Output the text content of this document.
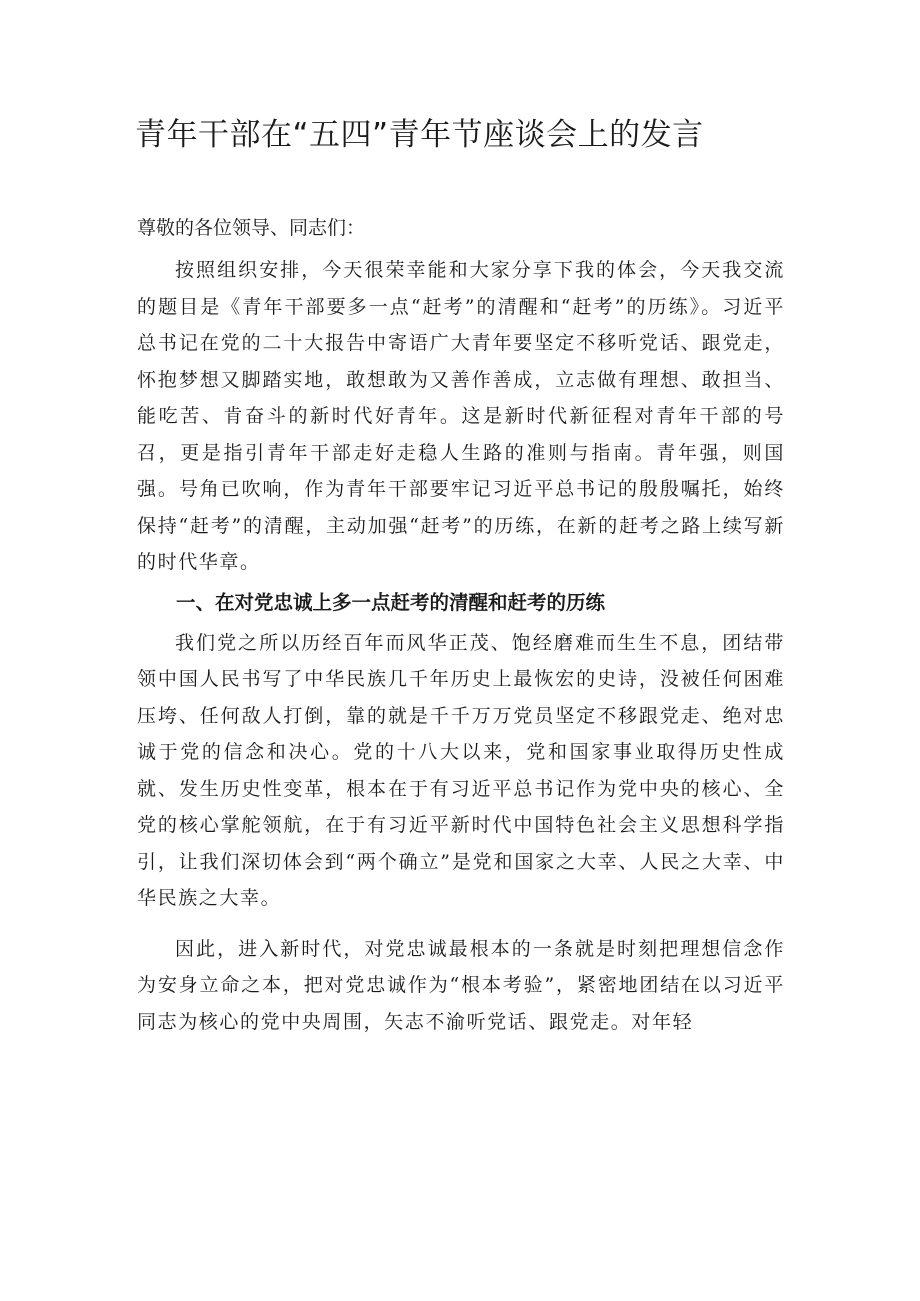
青年干部在“五四”青年节座谈会上的发言

尊敬的各位领导、同志们：

按照组织安排，今天很荣幸能和大家分享下我的体会，今天我交流的题目是《青年干部要多一点“赶考”的清醒和“赶考”的历练》。习近平总书记在党的二十大报告中寄语广大青年要坚定不移听党话、跟党走，怀抱梦想又脚踏实地，敢想敢为又善作善成，立志做有理想、敢担当、能吃苦、肯奋斗的新时代好青年。这是新时代新征程对青年干部的号召，更是指引青年干部走好走稳人生路的准则与指南。青年强，则国强。号角已吹响，作为青年干部要牢记习近平总书记的殷殷嘱托，始终保持“赶考”的清醒，主动加强“赶考”的历练，在新的赶考之路上续写新的时代华章。

一、在对党忠诚上多一点赶考的清醒和赶考的历练

我们党之所以历经百年而风华正茂、饱经磨难而生生不息，团结带领中国人民书写了中华民族几千年历史上最恢宏的史诗，没被任何困难压垮、任何敌人打倒，靠的就是千千万万党员坚定不移跟党走、绝对忠诚于党的信念和决心。党的十八大以来，党和国家事业取得历史性成就、发生历史性变革，根本在于有习近平总书记作为党中央的核心、全党的核心掌舵领航，在于有习近平新时代中国特色社会主义思想科学指引，让我们深切体会到“两个确立”是党和国家之大幸、人民之大幸、中华民族之大幸。

因此，进入新时代，对党忠诚最根本的一条就是时刻把理想信念作为安身立命之本，把对党忠诚作为“根本考验”，紧密地团结在以习近平同志为核心的党中央周围，矢志不渝听党话、跟党走。对年轻
